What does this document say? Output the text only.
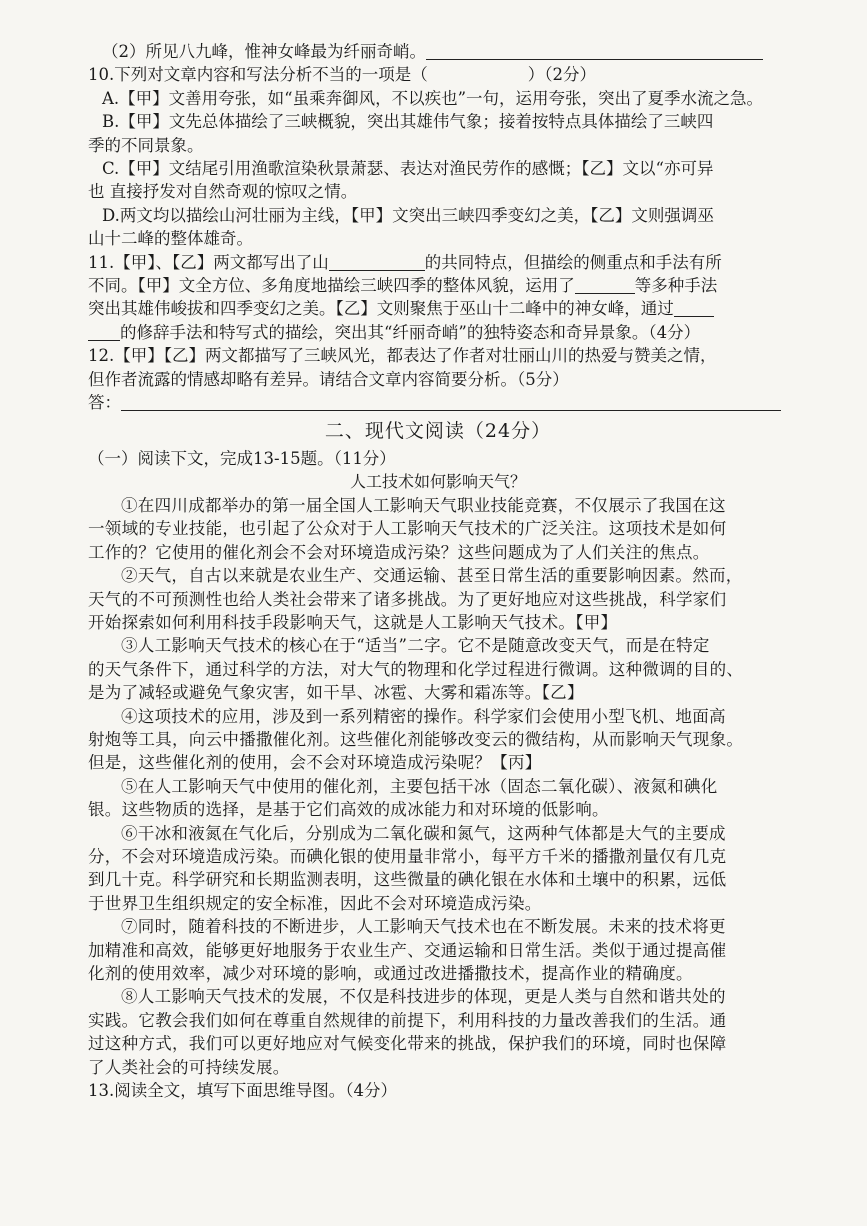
（2）所见八九峰，惟神女峰最为纤丽奇峭。
10.下列对文章内容和写法分析不当的一项是（	）（2分）
A.【甲】文善用夸张，如“虽乘奔御风，不以疾也”一句，运用夸张，突出了夏季水流之急。
B.【甲】文先总体描绘了三峡概貌，突出其雄伟气象；接着按特点具体描绘了三峡四
季的不同景象。
C.【甲】文结尾引用渔歌渲染秋景萧瑟、表达对渔民劳作的感慨；【乙】文以“亦可异
也 直接抒发对自然奇观的惊叹之情。
D.两文均以描绘山河壮丽为主线，【甲】文突出三峡四季变幻之美，【乙】文则强调巫
山十二峰的整体雄奇。
11.【甲】、【乙】两文都写出了山	的共同特点，但描绘的侧重点和手法有所
不同。【甲】文全方位、多角度地描绘三峡四季的整体风貌，运用了	等多种手法
突出其雄伟峻拔和四季变幻之美。【乙】文则聚焦于巫山十二峰中的神女峰，通过
的修辞手法和特写式的描绘，突出其“纤丽奇峭”的独特姿态和奇异景象。（4分）
12.【甲】【乙】两文都描写了三峡风光，都表达了作者对壮丽山川的热爱与赞美之情，
但作者流露的情感却略有差异。请结合文章内容简要分析。（5分）
答：
二、现代文阅读（24分）
（一）阅读下文，完成13-15题。（11分）
人工技术如何影响天气？
①在四川成都举办的第一届全国人工影响天气职业技能竞赛，不仅展示了我国在这
一领域的专业技能，也引起了公众对于人工影响天气技术的广泛关注。这项技术是如何
工作的？它使用的催化剂会不会对环境造成污染？这些问题成为了人们关注的焦点。
②天气，自古以来就是农业生产、交通运输、甚至日常生活的重要影响因素。然而，
天气的不可预测性也给人类社会带来了诸多挑战。为了更好地应对这些挑战，科学家们
开始探索如何利用科技手段影响天气，这就是人工影响天气技术。【甲】
③人工影响天气技术的核心在于“适当”二字。它不是随意改变天气，而是在特定
的天气条件下，通过科学的方法，对大气的物理和化学过程进行微调。这种微调的目的、
是为了减轻或避免气象灾害，如干旱、冰雹、大雾和霜冻等。【乙】
④这项技术的应用，涉及到一系列精密的操作。科学家们会使用小型飞机、地面高
射炮等工具，向云中播撒催化剂。这些催化剂能够改变云的微结构，从而影响天气现象。
但是，这些催化剂的使用，会不会对环境造成污染呢？【丙】
⑤在人工影响天气中使用的催化剂，主要包括干冰（固态二氧化碳）、液氮和碘化
银。这些物质的选择，是基于它们高效的成冰能力和对环境的低影响。
⑥干冰和液氮在气化后，分别成为二氧化碳和氮气，这两种气体都是大气的主要成
分，不会对环境造成污染。而碘化银的使用量非常小，每平方千米的播撒剂量仅有几克
到几十克。科学研究和长期监测表明，这些微量的碘化银在水体和土壤中的积累，远低
于世界卫生组织规定的安全标准，因此不会对环境造成污染。
⑦同时，随着科技的不断进步，人工影响天气技术也在不断发展。未来的技术将更
加精准和高效，能够更好地服务于农业生产、交通运输和日常生活。类似于通过提高催
化剂的使用效率，减少对环境的影响，或通过改进播撒技术，提高作业的精确度。
⑧人工影响天气技术的发展，不仅是科技进步的体现，更是人类与自然和谐共处的
实践。它教会我们如何在尊重自然规律的前提下，利用科技的力量改善我们的生活。通
过这种方式，我们可以更好地应对气候变化带来的挑战，保护我们的环境，同时也保障
了人类社会的可持续发展。
13.阅读全文，填写下面思维导图。（4分）
